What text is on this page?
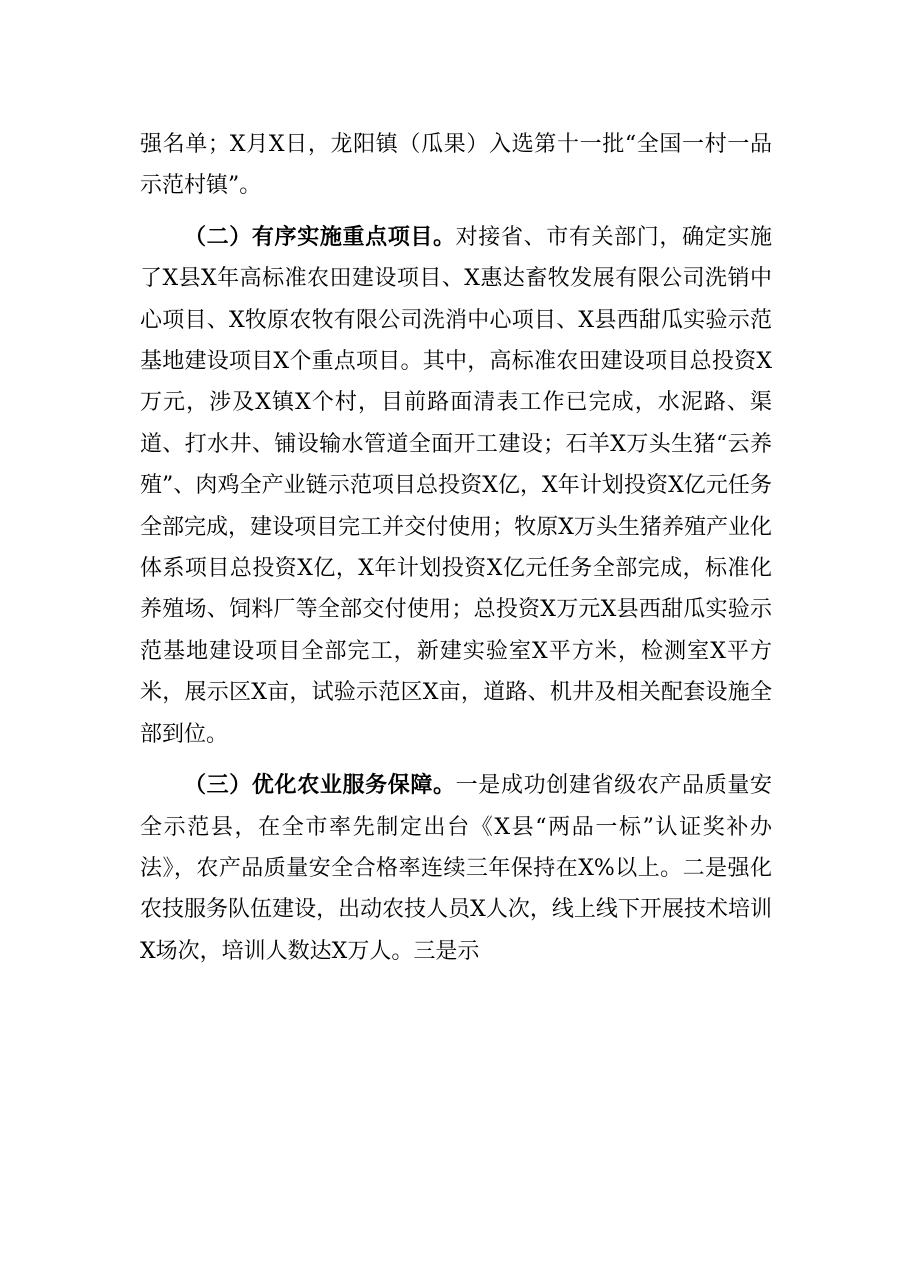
强名单；X月X日，龙阳镇（瓜果）入选第十一批“全国一村一品示范村镇”。

（二）有序实施重点项目。对接省、市有关部门，确定实施了X县X年高标准农田建设项目、X惠达畜牧发展有限公司洗销中心项目、X牧原农牧有限公司洗消中心项目、X县西甜瓜实验示范基地建设项目X个重点项目。其中，高标准农田建设项目总投资X万元，涉及X镇X个村，目前路面清表工作已完成，水泥路、渠道、打水井、铺设输水管道全面开工建设；石羊X万头生猪“云养殖”、肉鸡全产业链示范项目总投资X亿，X年计划投资X亿元任务全部完成，建设项目完工并交付使用；牧原X万头生猪养殖产业化体系项目总投资X亿，X年计划投资X亿元任务全部完成，标准化养殖场、饲料厂等全部交付使用；总投资X万元X县西甜瓜实验示范基地建设项目全部完工，新建实验室X平方米，检测室X平方米，展示区X亩，试验示范区X亩，道路、机井及相关配套设施全部到位。

（三）优化农业服务保障。一是成功创建省级农产品质量安全示范县，在全市率先制定出台《X县“两品一标”认证奖补办法》，农产品质量安全合格率连续三年保持在X%以上。二是强化农技服务队伍建设，出动农技人员X人次，线上线下开展技术培训X场次，培训人数达X万人。三是示
